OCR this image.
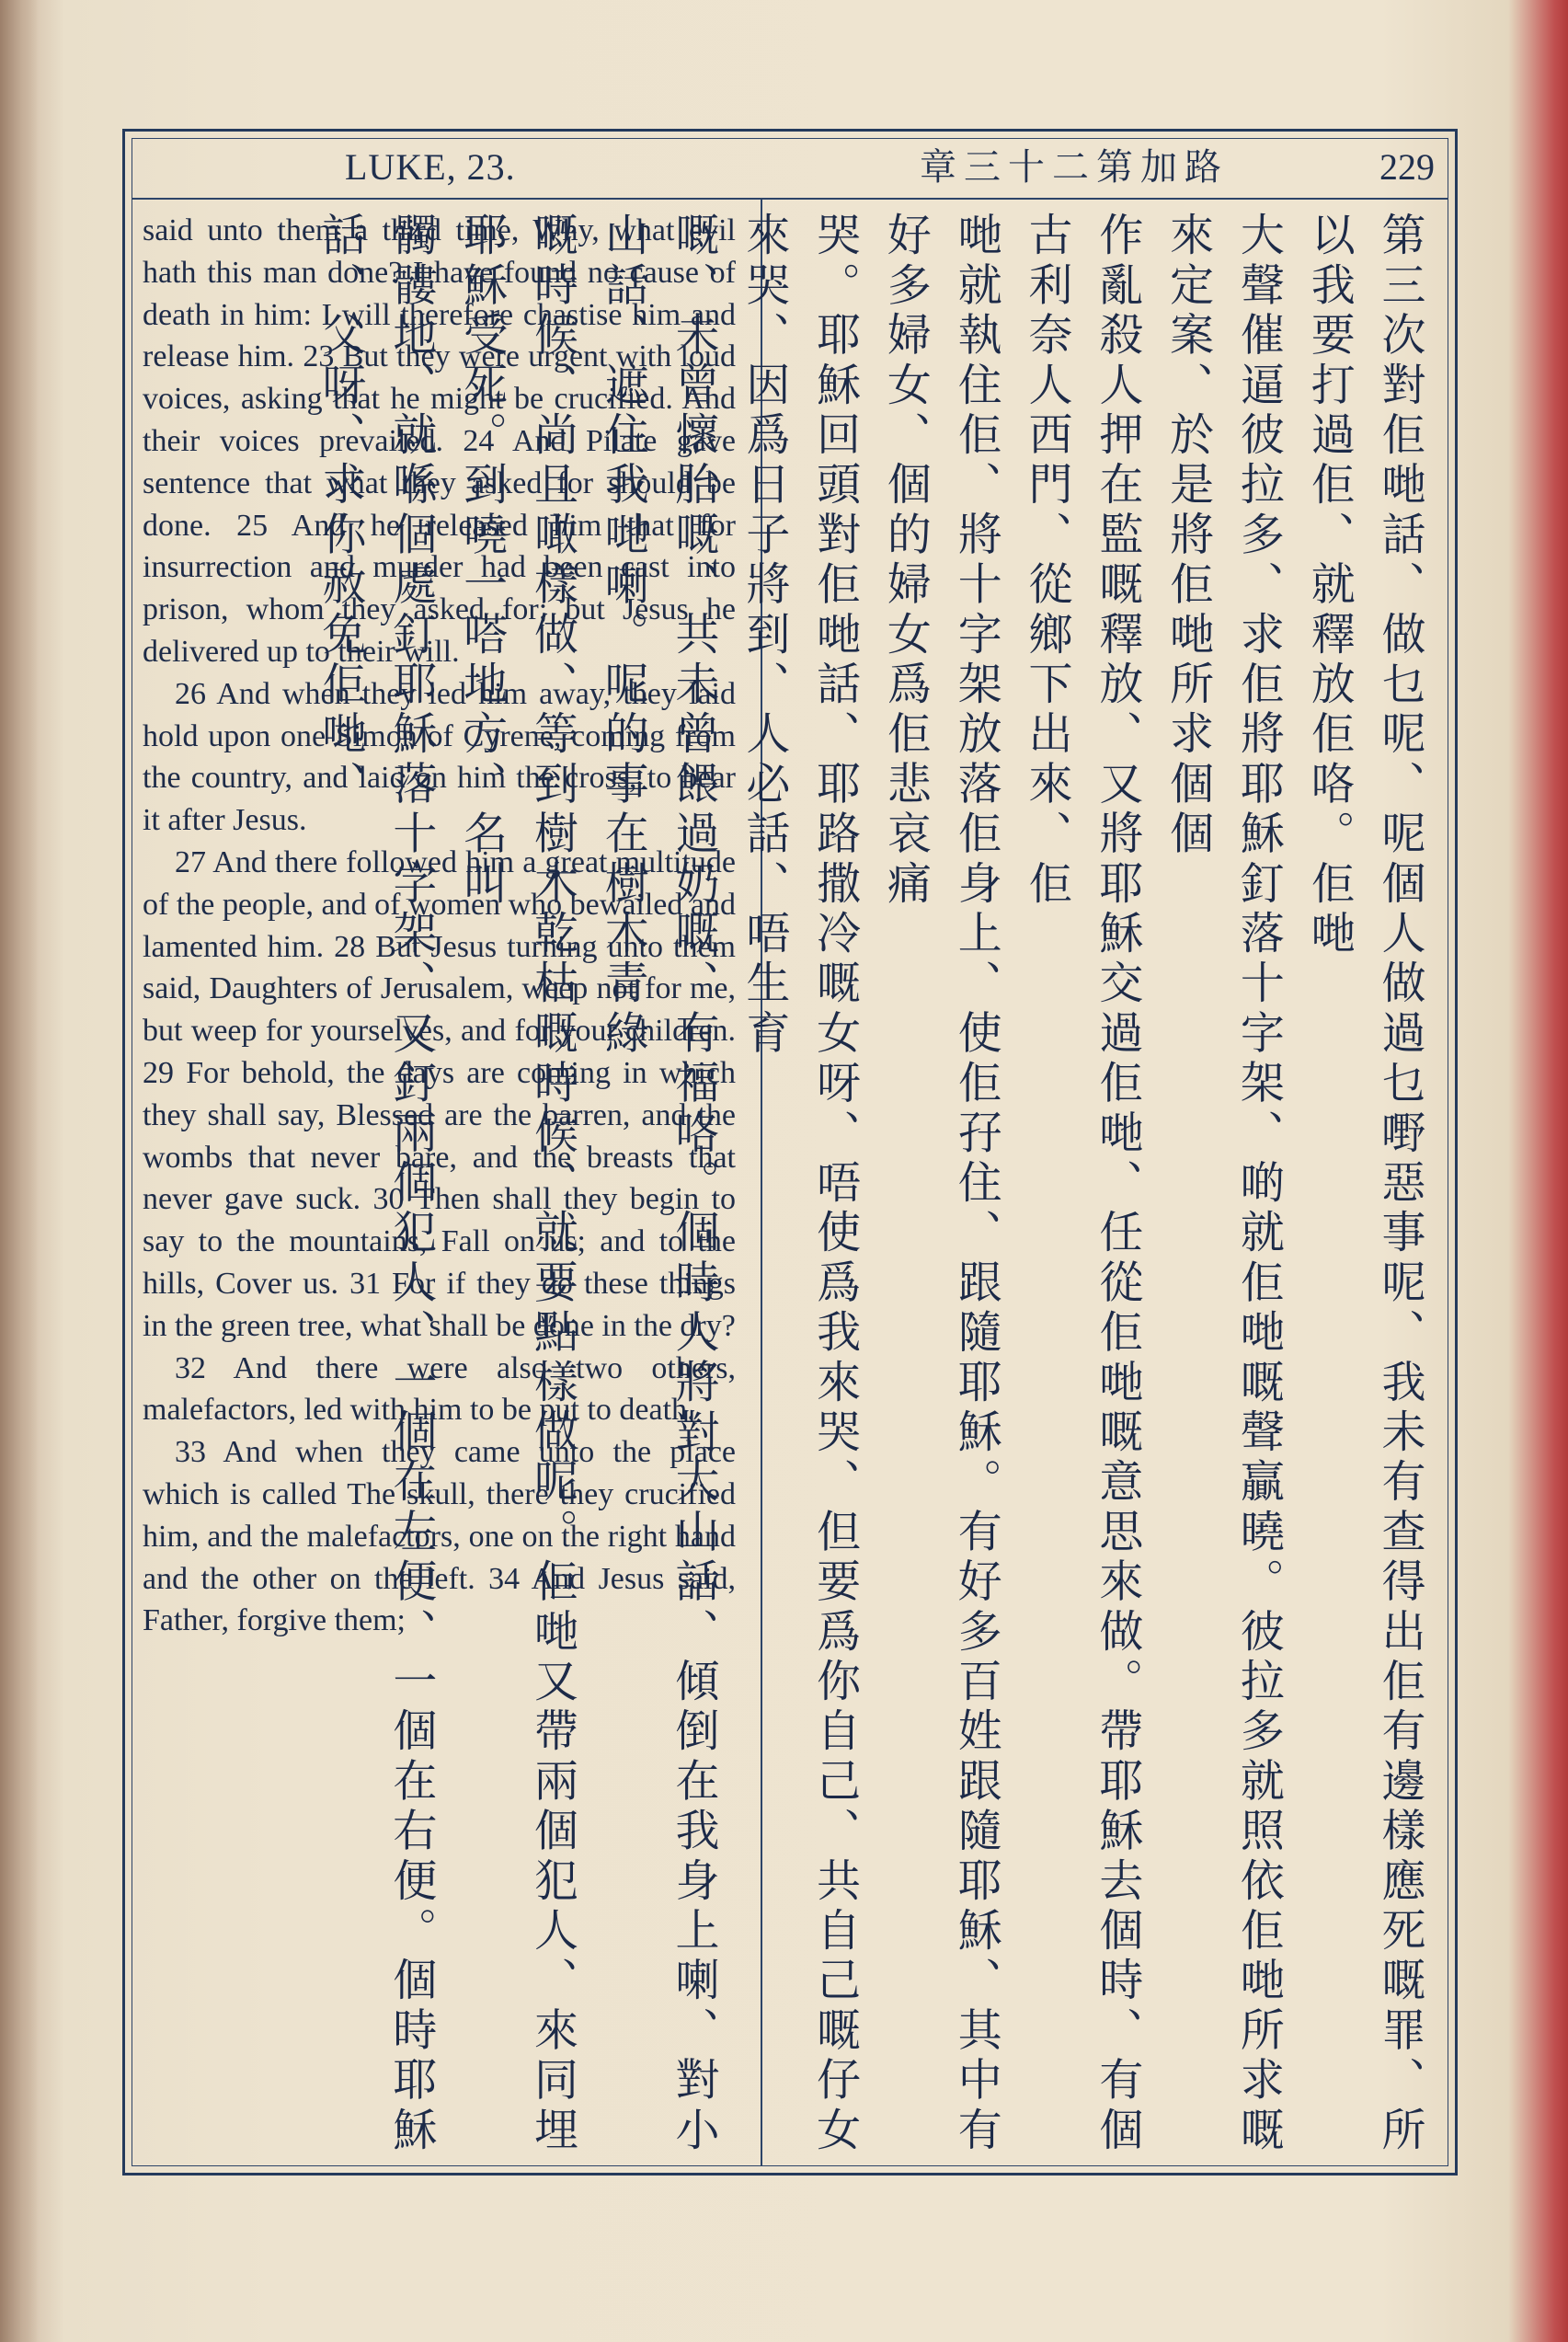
LUKE, 23.	章三十二第加路	229

said unto them a third time, Why, what evil hath this man done? I have found no cause of death in him: I will therefore chastise him and release him. 23 But they were urgent with loud voices, asking that he might be crucified. And their voices prevailed. 24 And Pilate gave sentence that what they asked for should be done. 25 And he released him that for insurrection and murder had been cast into prison, whom they asked for; but Jesus he delivered up to their will.

26 And when they led him away, they laid hold upon one Simon of Cyrene, coming from the country, and laid on him the cross, to bear it after Jesus.

27 And there followed him a great multitude of the people, and of women who bewailed and lamented him. 28 But Jesus turning unto them said, Daughters of Jerusalem, weep not for me, but weep for yourselves, and for your children. 29 For behold, the days are coming in which they shall say, Blessed are the barren, and the wombs that never bare, and the breasts that never gave suck. 30 Then shall they begin to say to the mountains, Fall on us; and to the hills, Cover us. 31 For if they do these things in the green tree, what shall be done in the dry?

32 And there were also two others, malefactors, led with him to be put to death.

33 And when they came unto the place which is called The skull, there they crucified him, and the malefactors, one on the right hand and the other on the left. 34 And Jesus said, Father, forgive them;	第三次對佢哋話、做乜呢、呢個人做過乜嘢惡事呢、我未有查得出佢有邊樣應死嘅罪、所以我要打過佢、就釋放佢咯。佢哋
大聲催逼彼拉多、求佢將耶穌釘落十字架、啲就佢哋嘅聲贏曉。彼拉多就照依佢哋所求嘅來定案、於是將佢哋所求個個
作亂殺人押在監嘅釋放、又將耶穌交過佢哋、任從佢哋嘅意思來做。帶耶穌去個時、有個古利奈人西門、從鄉下出來、佢
哋就執住佢、將十字架放落佢身上、使佢孖住、跟隨耶穌。有好多百姓跟隨耶穌、其中有好多婦女、個的婦女爲佢悲哀痛
哭。耶穌回頭對佢哋話、耶路撒冷嘅女呀、唔使爲我來哭、但要爲你自己、共自己嘅仔女來哭、因爲日子將到、人必話、唔生育
嘅、未曾懷胎嘅、共未曾餵過奶嘅、有福咯。個時人將對大山話、傾倒在我身上喇、對小山話、遮住我哋喇。呢的事在樹木青綠
嘅時候、尚且噉樣做、等到樹木乾枯嘅時候、就要點樣做呢。佢哋又帶兩個犯人、來同埋耶穌受死。到嘵一嗒地方、名叫
髑髏地、就喺個處釘耶穌落十字架、又釘兩個犯人、一個在左便、一個在右便。個時耶穌話、父呀、求你赦免佢哋、
